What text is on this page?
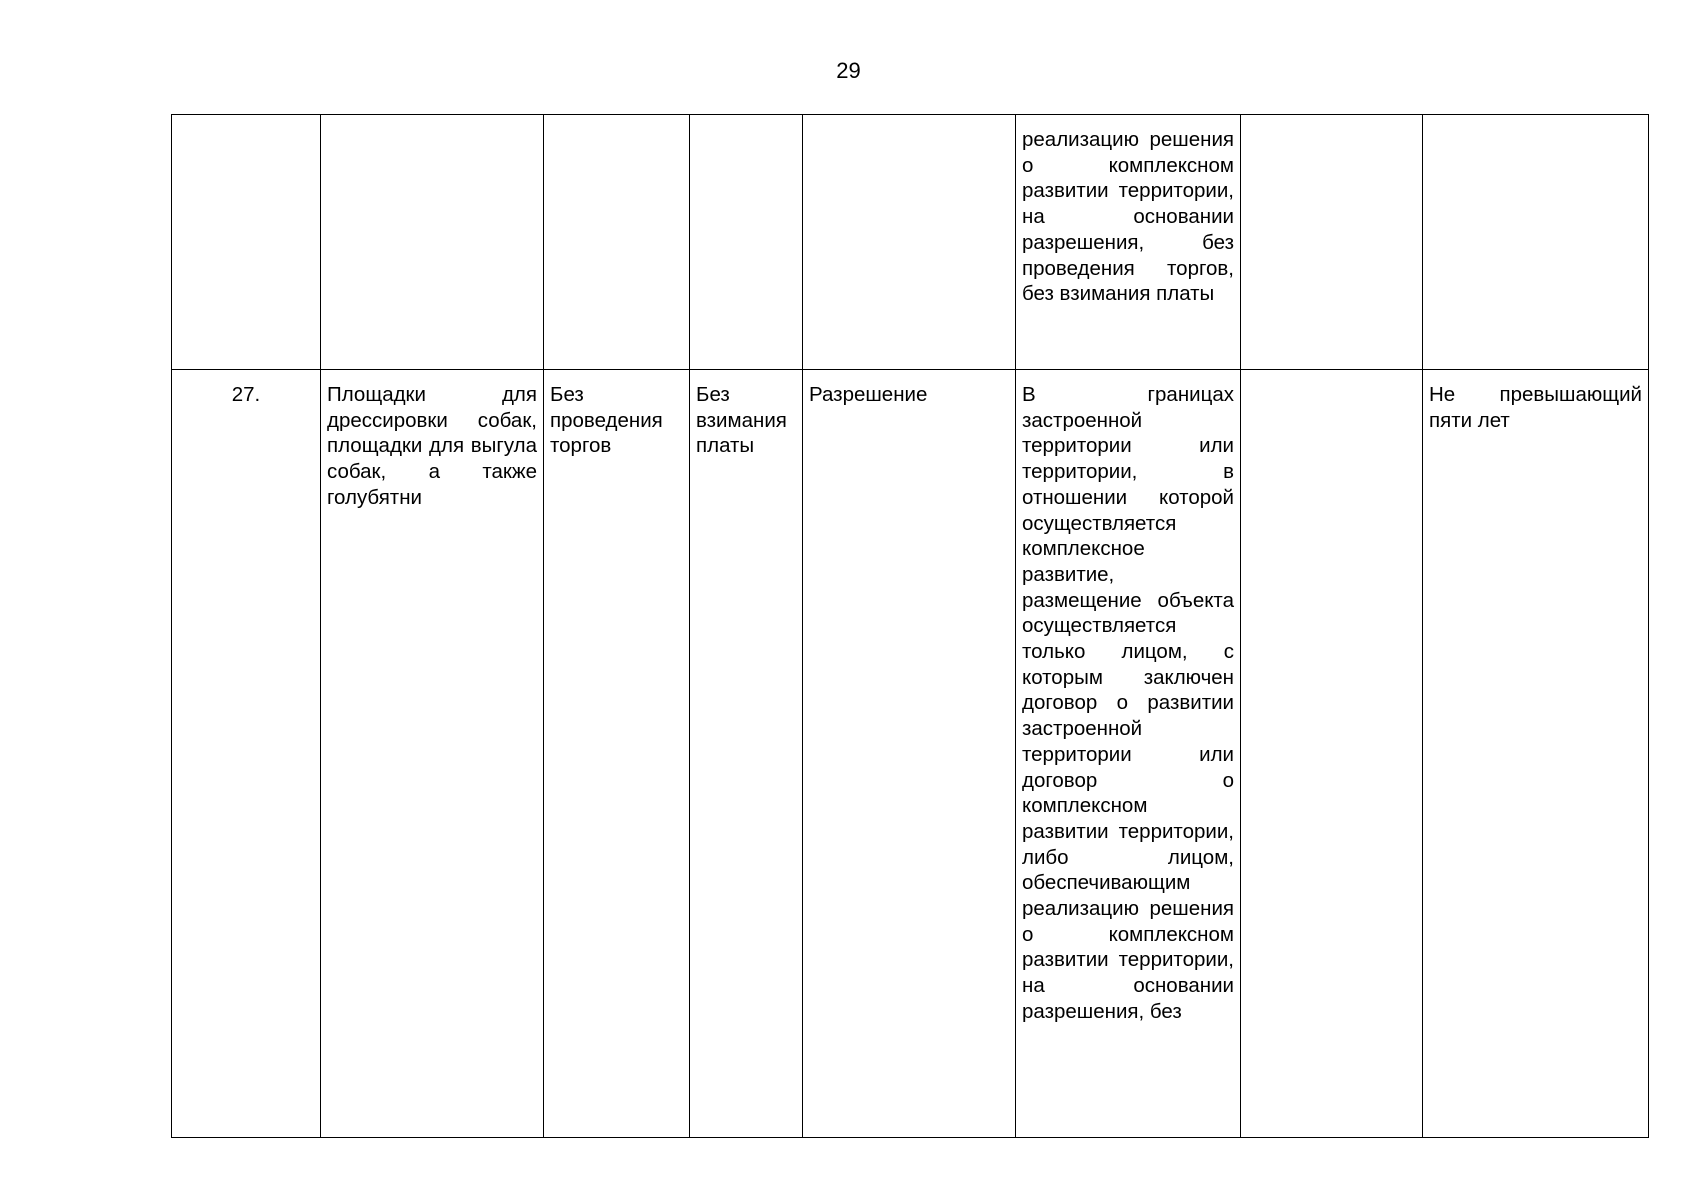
29

					реализацию решения о комплексном развитии территории, на основании разрешения, без проведения торгов, без взимания платы		

27.	Площадки для дрессировки собак, площадки для выгула собак, а также голубятни	Без проведения торгов	Без взимания платы	Разрешение	В границах застроенной территории или территории, в отношении которой осуществляется комплексное развитие, размещение объекта осуществляется только лицом, с которым заключен договор о развитии застроенной территории или договор о комплексном развитии территории, либо лицом, обеспечивающим реализацию решения о комплексном развитии территории, на основании разрешения, без		Не превышающий пяти лет
